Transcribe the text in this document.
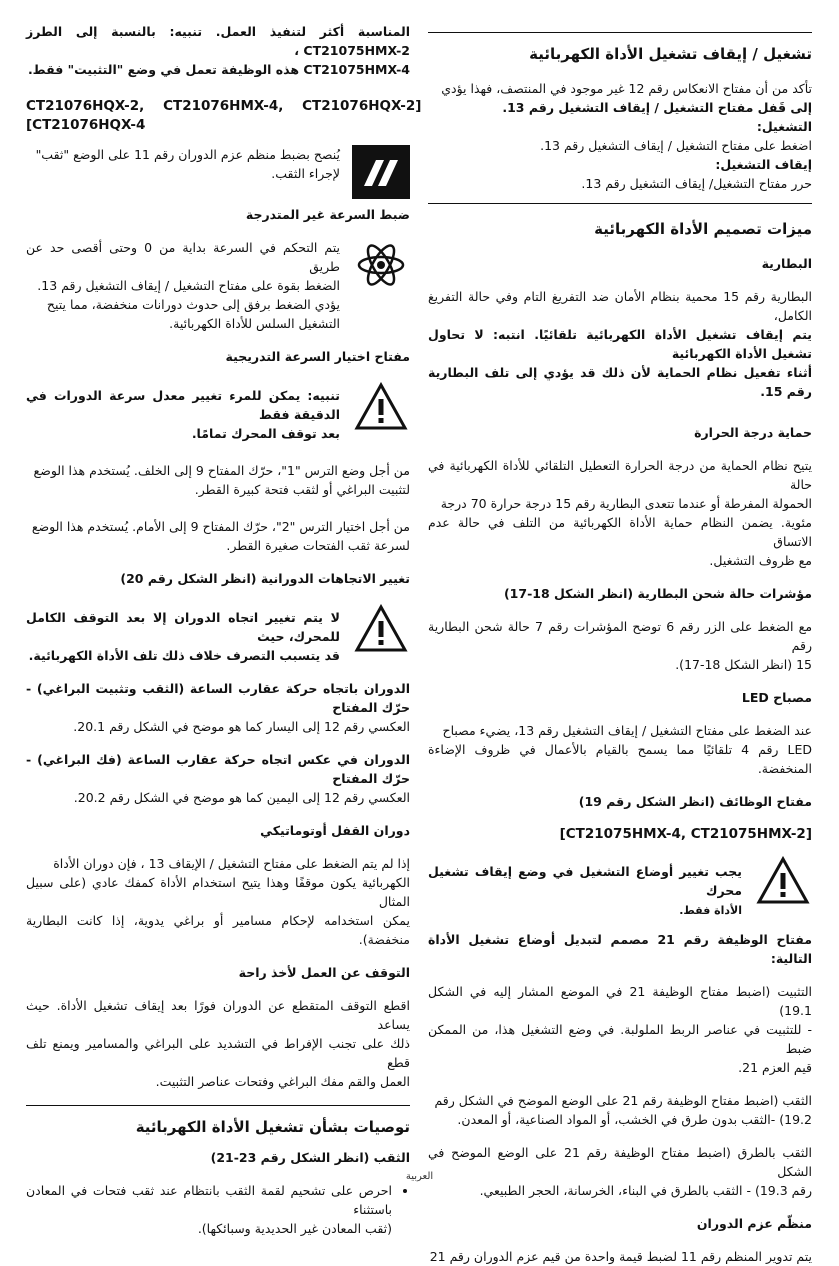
تشغيل / إيقاف تشغيل الأداة الكهربائية

تأكد من أن مفتاح الانعكاس رقم 12 غير موجود في المنتصف، فهذا يؤدي
إلى قَفل مفتاح التشغيل / إيقاف التشغيل رقم 13.

التشغيل:

اضغط على مفتاح التشغيل / إيقاف التشغيل رقم 13.

إيقاف التشغيل:

حرر مفتاح التشغيل/ إيقاف التشغيل رقم 13.

ميزات تصميم الأداة الكهربائية
البطارية

البطارية رقم 15 محمية بنظام الأمان ضد التفريغ التام وفي حالة التفريغ الكامل،
يتم إيقاف تشغيل الأداة الكهربائية تلقائيًا. انتبه: لا تحاول تشغيل الأداة الكهربائية
أثناء تفعيل نظام الحماية لأن ذلك قد يؤدي إلى تلف البطارية رقم 15.

حماية درجة الحرارة

يتيح نظام الحماية من درجة الحرارة التعطيل التلقائي للأداة الكهربائية في حالة
الحمولة المفرطة أو عندما تتعدى البطارية رقم 15 درجة حرارة 70 درجة
مئوية. يضمن النظام حماية الأداة الكهربائية من التلف في حالة عدم الاتساق
مع ظروف التشغيل.

مؤشرات حالة شحن البطارية (انظر الشكل 18-17)

مع الضغط على الزر رقم 6 توضح المؤشرات رقم 7 حالة شحن البطارية رقم
15 (انظر الشكل 18-17).

مصباح LED

عند الضغط على مفتاح التشغيل / إيقاف التشغيل رقم 13، يضيء مصباح
LED رقم 4 تلقائيًا مما يسمح بالقيام بالأعمال في ظروف الإضاءة المنخفضة.

مفتاح الوظائف (انظر الشكل رقم 19)
[CT21075HMX-4, CT21075HMX-2]

يجب تغيير أوضاع التشغيل في وضع إيقاف تشغيل محرك
الأداة فقط.

مفتاح الوظيفة رقم 21 مصمم لتبديل أوضاع تشغيل الأداة التالية:

التثبيت (اضبط مفتاح الوظيفة 21 في الموضع المشار إليه في الشكل 19.1)
- للتثبيت في عناصر الربط الملولبة. في وضع التشغيل هذا، من الممكن ضبط
قيم العزم 21.

الثقب (اضبط مفتاح الوظيفة رقم 21 على الوضع الموضح في الشكل رقم
19.2) -الثقب بدون طرق في الخشب، أو المواد الصناعية، أو المعدن.

الثقب بالطرق (اضبط مفتاح الوظيفة رقم 21 على الوضع الموضح في الشكل
رقم 19.3) - الثقب بالطرق في البناء، الخرسانة، الحجر الطبيعي.

منظّم عزم الدوران

يتم تدوير المنظم رقم 11 لضبط قيمة واحدة من قيم عزم الدوران رقم 21

المناسبة أكثر لتنفيذ العمل. تنبيه: بالنسبة إلى الطرز CT21075HMX-2 ،
CT21075HMX-4 هذه الوظيفة تعمل في وضع "التثبيت" فقط.

CT21076HQX-2,    CT21076HMX-4,    CT21076HQX-2]
[CT21076HQX-4

يُنصح بضبط منظم عزم الدوران رقم 11 على الوضع "ثقب"
لإجراء الثقب.

ضبط السرعة غير المتدرجة

يتم التحكم في السرعة بداية من 0 وحتى أقصى حد عن طريق
الضغط بقوة على مفتاح التشغيل / إيقاف التشغيل رقم 13.
يؤدي الضغط برفق إلى حدوث دورانات منخفضة، مما يتيح
التشغيل السلس للأداة الكهربائية.

مفتاح اختيار السرعة التدريجية

تنبيه: يمكن للمرء تغيير معدل سرعة الدورات في الدقيقة فقط
بعد توقف المحرك تمامًا.

من أجل وضع الترس "1"، حرّك المفتاح 9 إلى الخلف. يُستخدم هذا الوضع
لتثبيت البراغي أو لثقب فتحة كبيرة القطر.

من أجل اختيار الترس "2"، حرّك المفتاح 9 إلى الأمام. يُستخدم هذا الوضع
لسرعة ثقب الفتحات صغيرة القطر.

تغيير الاتجاهات الدورانية (انظر الشكل رقم 20)

لا يتم تغيير اتجاه الدوران إلا بعد التوقف الكامل للمحرك، حيث
قد يتسبب التصرف خلاف ذلك تلف الأداة الكهربائية.

الدوران باتجاه حركة عقارب الساعة (الثقب وتثبيت البراغي) - حرّك المفتاح
العكسي رقم 12 إلى اليسار كما هو موضح في الشكل رقم 20.1.

الدوران في عكس اتجاه حركة عقارب الساعة (فك البراغي) - حرّك المفتاح
العكسي رقم 12 إلى اليمين كما هو موضح في الشكل رقم 20.2.

دوران القفل أوتوماتيكي

إذا لم يتم الضغط على مفتاح التشغيل / الإيقاف 13 ، فإن دوران الأداة
الكهربائية يكون موقفًا وهذا يتيح استخدام الأداة كمفك عادي (على سبيل المثال
يمكن استخدامه لإحكام مسامير أو براغي يدوية، إذا كانت البطارية منخفضة).

التوقف عن العمل لأخذ راحة

اقطع التوقف المتقطع عن الدوران فورًا بعد إيقاف تشغيل الأداة. حيث يساعد
ذلك على تجنب الإفراط في التشديد على البراغي والمسامير ويمنع تلف قطع
العمل والقم مفك البراغي وفتحات عناصر التثبيت.

توصيات بشأن تشغيل الأداة الكهربائية
الثقب (انظر الشكل رقم 23-21)
• احرص على تشحيم لقمة الثقب بانتظام عند ثقب فتحات في المعادن باستثناء
(ثقب المعادن غير الحديدية وسبائكها).
العربية
